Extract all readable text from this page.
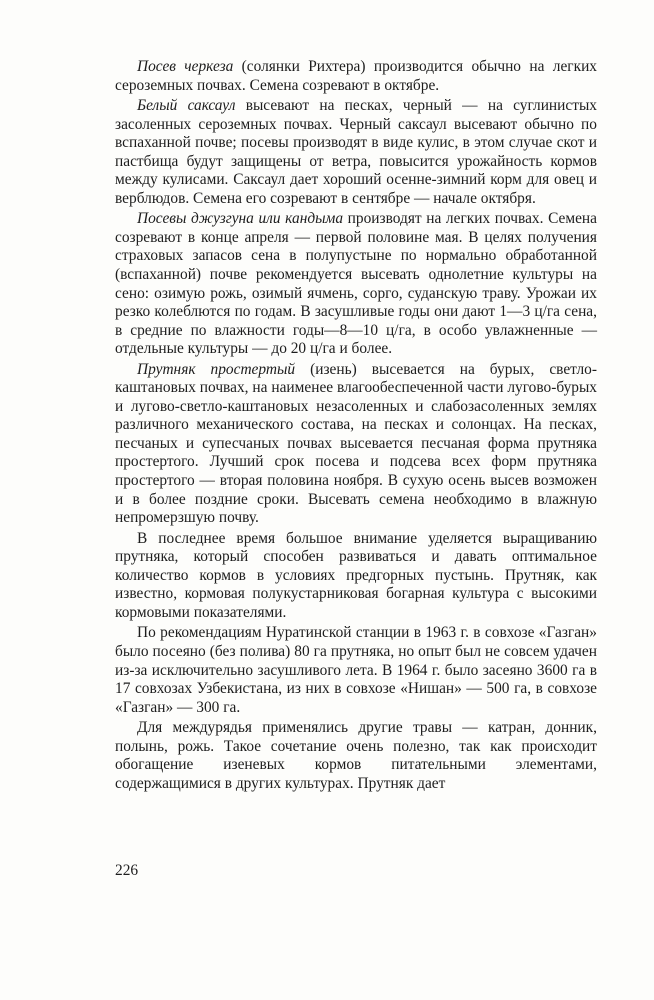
Посев черкеза (солянки Рихтера) производится обычно на легких сероземных почвах. Семена созревают в октябре.

Белый саксаул высевают на песках, черный — на суглинистых засоленных сероземных почвах. Черный саксаул высевают обычно по вспаханной почве; посевы производят в виде кулис, в этом случае скот и пастбища будут защищены от ветра, повысится урожайность кормов между кулисами. Саксаул дает хороший осенне-зимний корм для овец и верблюдов. Семена его созревают в сентябре — начале октября.

Посевы джузгуна или кандыма производят на легких почвах. Семена созревают в конце апреля — первой половине мая. В целях получения страховых запасов сена в полупустыне по нормально обработанной (вспаханной) почве рекомендуется высевать однолетние культуры на сено: озимую рожь, озимый ячмень, сорго, суданскую траву. Урожаи их резко колеблются по годам. В засушливые годы они дают 1—3 ц/га сена, в средние по влажности годы—8—10 ц/га, в особо увлажненные — отдельные культуры — до 20 ц/га и более.

Прутняк простертый (изень) высевается на бурых, светло-каштановых почвах, на наименее влагообеспеченной части лугово-бурых и лугово-светло-каштановых незасоленных и слабозасоленных землях различного механического состава, на песках и солонцах. На песках, песчаных и супесчаных почвах высевается песчаная форма прутняка простертого. Лучший срок посева и подсева всех форм прутняка простертого — вторая половина ноября. В сухую осень высев возможен и в более поздние сроки. Высевать семена необходимо в влажную непромерзшую почву.

В последнее время большое внимание уделяется выращиванию прутняка, который способен развиваться и давать оптимальное количество кормов в условиях предгорных пустынь. Прутняк, как известно, кормовая полукустарниковая богарная культура с высокими кормовыми показателями.

По рекомендациям Нуратинской станции в 1963 г. в совхозе «Газган» было посеяно (без полива) 80 га прутняка, но опыт был не совсем удачен из-за исключительно засушливого лета. В 1964 г. было засеяно 3600 га в 17 совхозах Узбекистана, из них в совхозе «Нишан» — 500 га, в совхозе «Газган» — 300 га.

Для междурядья применялись другие травы — катран, донник, полынь, рожь. Такое сочетание очень полезно, так как происходит обогащение изеневых кормов питательными элементами, содержащимися в других культурах. Прутняк дает

226
